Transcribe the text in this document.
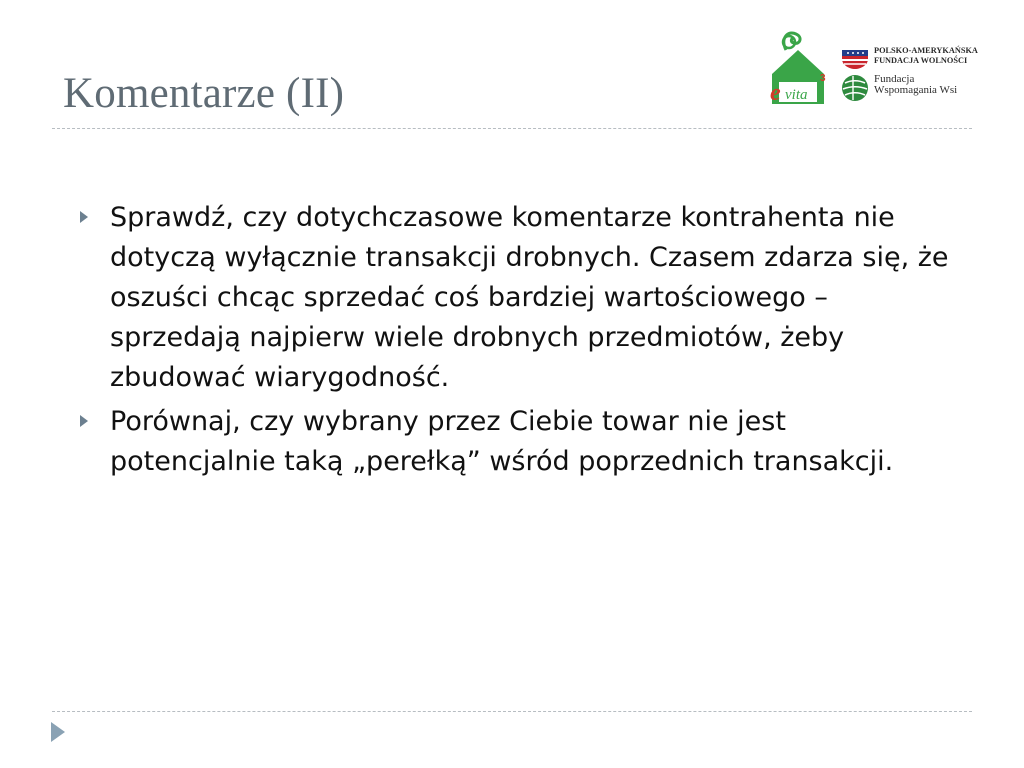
Komentarze (II)	e vita
3
POLSKO-AMERYKAŃSKA
FUNDACJA WOLNOŚCI
Fundacja
Wspomagania Wsi
Sprawdź, czy dotychczasowe komentarze kontrahenta nie dotyczą wyłącznie transakcji drobnych. Czasem zdarza się, że oszuści chcąc sprzedać coś bardziej wartościowego – sprzedają najpierw wiele drobnych przedmiotów, żeby zbudować wiarygodność.
Porównaj, czy wybrany przez Ciebie towar nie jest potencjalnie taką „perełką” wśród poprzednich transakcji.
